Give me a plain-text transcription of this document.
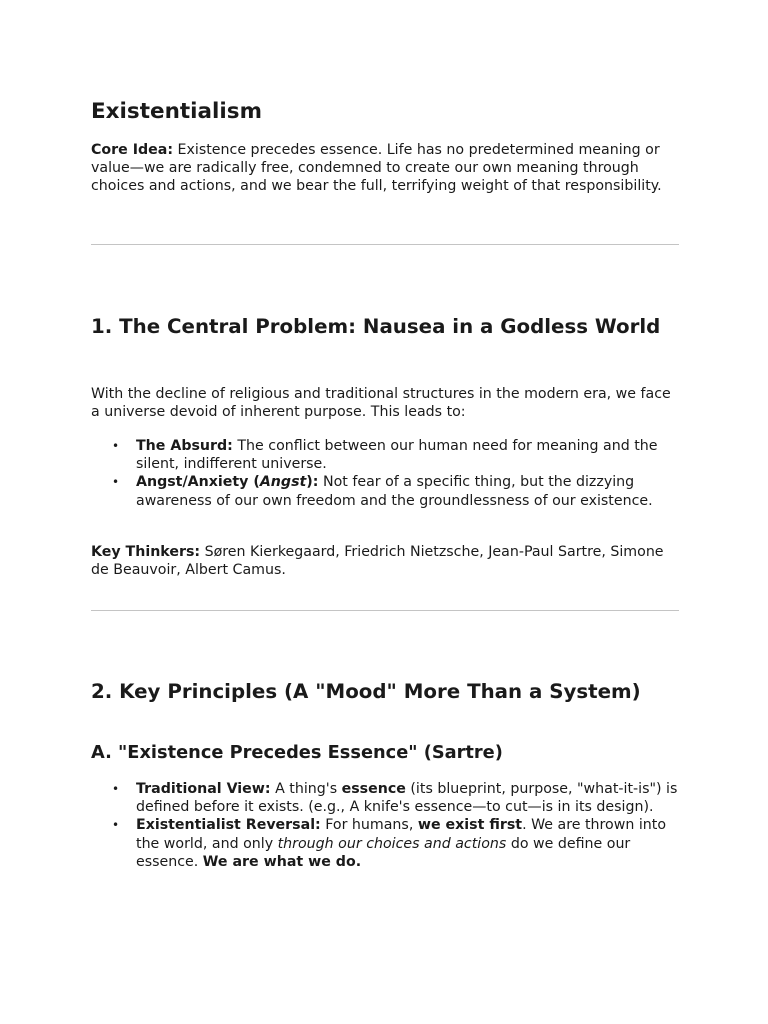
Existentialism

Core Idea: Existence precedes essence. Life has no predetermined meaning or value—we are radically free, condemned to create our own meaning through choices and actions, and we bear the full, terrifying weight of that responsibility.

1. The Central Problem: Nausea in a Godless World

With the decline of religious and traditional structures in the modern era, we face a universe devoid of inherent purpose. This leads to:

• The Absurd: The conflict between our human need for meaning and the silent, indifferent universe.
• Angst/Anxiety (Angst): Not fear of a specific thing, but the dizzying awareness of our own freedom and the groundlessness of our existence.

Key Thinkers: Søren Kierkegaard, Friedrich Nietzsche, Jean-Paul Sartre, Simone de Beauvoir, Albert Camus.

2. Key Principles (A "Mood" More Than a System)
A. "Existence Precedes Essence" (Sartre)
• Traditional View: A thing's essence (its blueprint, purpose, "what-it-is") is defined before it exists. (e.g., A knife's essence—to cut—is in its design).
• Existentialist Reversal: For humans, we exist first. We are thrown into the world, and only through our choices and actions do we define our essence. We are what we do.
